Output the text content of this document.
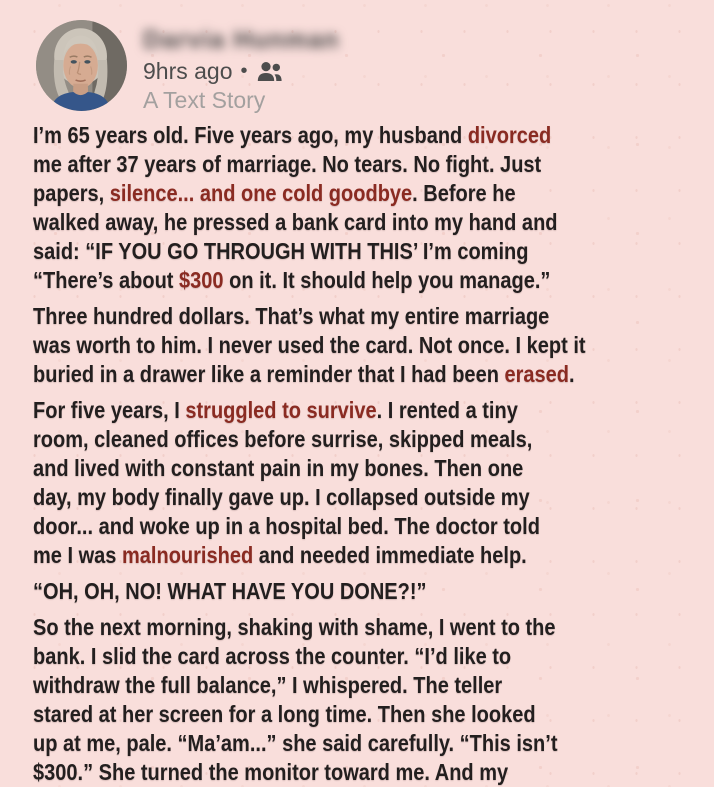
Darvia Hunman
9hrs ago •
A Text Story
I’m 65 years old. Five years ago, my husband divorced
me after 37 years of marriage. No tears. No fight. Just
papers, silence... and one cold goodbye. Before he
walked away, he pressed a bank card into my hand and
said: “IF YOU GO THROUGH WITH THIS’ I’m coming
“There’s about $300 on it. It should help you manage.”
Three hundred dollars. That’s what my entire marriage
was worth to him. I never used the card. Not once. I kept it
buried in a drawer like a reminder that I had been erased.
For five years, I struggled to survive. I rented a tiny
room, cleaned offices before surrise, skipped meals,
and lived with constant pain in my bones. Then one
day, my body finally gave up. I collapsed outside my
door... and woke up in a hospital bed. The doctor told
me I was malnourished and needed immediate help.
“OH, OH, NO! WHAT HAVE YOU DONE?!”
So the next morning, shaking with shame, I went to the
bank. I slid the card across the counter. “I’d like to
withdraw the full balance,” I whispered. The teller
stared at her screen for a long time. Then she looked
up at me, pale. “Ma’am...” she said carefully. “This isn’t
$300.” She turned the monitor toward me. And my
